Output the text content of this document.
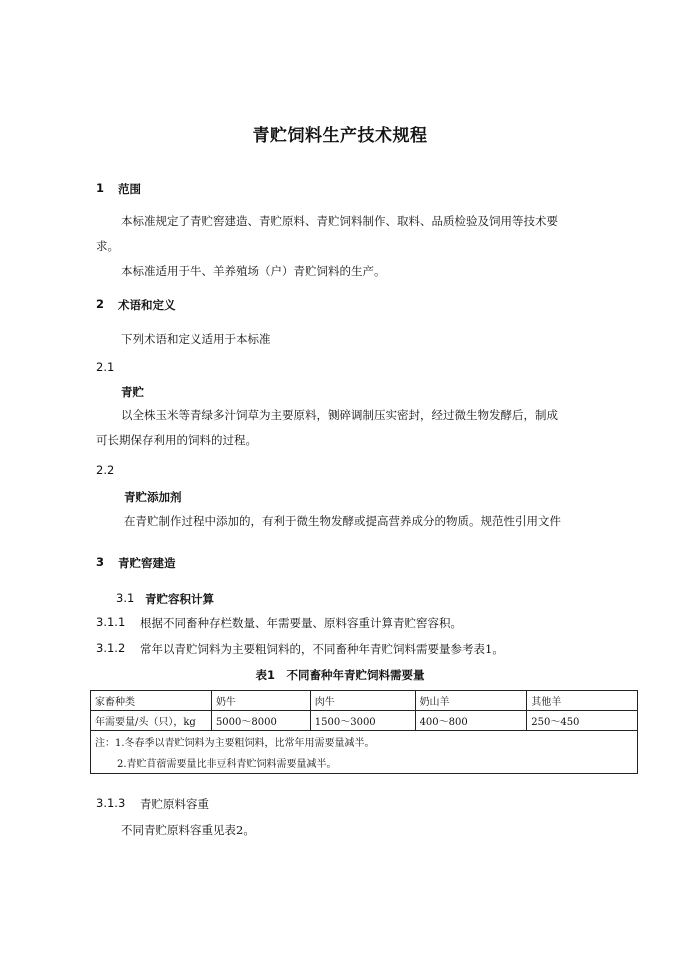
青贮饲料生产技术规程
1 范围
本标准规定了青贮窖建造、青贮原料、青贮饲料制作、取料、品质检验及饲用等技术要
求。
本标准适用于牛、羊养殖场（户）青贮饲料的生产。
2 术语和定义
下列术语和定义适用于本标准
2.1
青贮
以全株玉米等青绿多汁饲草为主要原料，铡碎调制压实密封，经过微生物发酵后，制成
可长期保存利用的饲料的过程。
2.2
青贮添加剂
在青贮制作过程中添加的，有利于微生物发酵或提高营养成分的物质。规范性引用文件
3 青贮窖建造
3.1 青贮容积计算
3.1.1 根据不同畜种存栏数量、年需要量、原料容重计算青贮窖容积。
3.1.2 常年以青贮饲料为主要粗饲料的，不同畜种年青贮饲料需要量参考表1。
表1　不同畜种年青贮饲料需要量
家畜种类	奶牛	肉牛	奶山羊	其他羊
年需要量/头（只），kg	5000～8000	1500～3000	400～800	250～450
注：1.冬春季以青贮饲料为主要粗饲料，比常年用需要量减半。				
2.青贮苜蓿需要量比非豆科青贮饲料需要量减半。				
3.1.3 青贮原料容重
不同青贮原料容重见表2。
